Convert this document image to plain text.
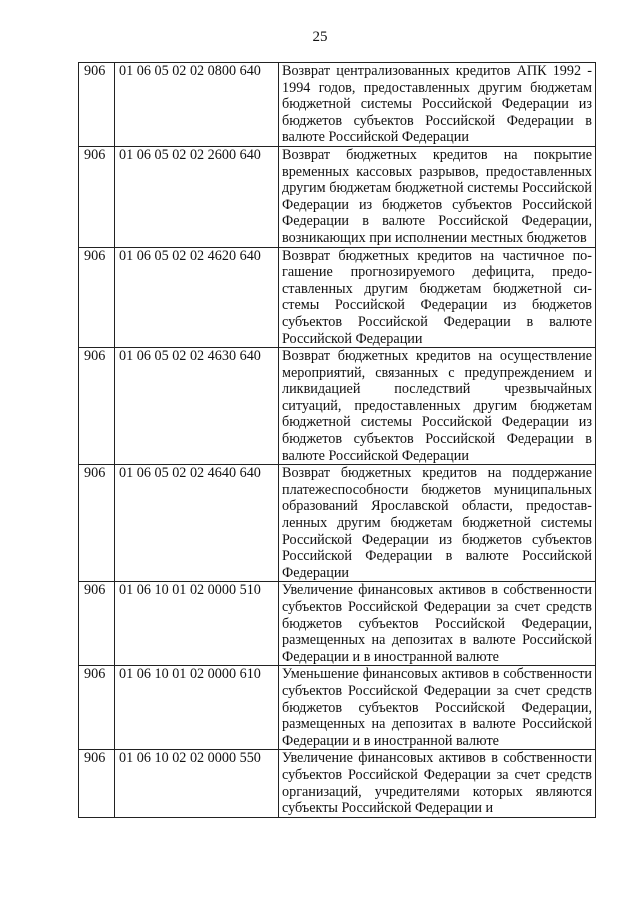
25
906	01 06 05 02 02 0800 640	Возврат централизованных кредитов АПК 1992 - 1994 годов, предоставленных другим бюджетам бюджетной системы Российской Федерации из бюджетов субъектов Российской Федерации в валюте Российской Федерации
906	01 06 05 02 02 2600 640	Возврат бюджетных кредитов на покрытие временных кассовых разрывов, предоставленных другим бюджетам бюджетной системы Российской Федерации из бюджетов субъектов Российской Федерации в валюте Российской Федерации, возникающих при исполнении местных бюджетов
906	01 06 05 02 02 4620 640	Возврат бюджетных кредитов на частичное погашение прогнозируемого дефицита, предоставленных другим бюджетам бюджетной системы Российской Федерации из бюджетов субъектов Российской Федерации в валюте Российской Федерации
906	01 06 05 02 02 4630 640	Возврат бюджетных кредитов на осуществление мероприятий, связанных с предупреждением и ликвидацией последствий чрезвычайных ситуаций, предоставленных другим бюджетам бюджетной системы Российской Федерации из бюджетов субъектов Российской Федерации в валюте Российской Федерации
906	01 06 05 02 02 4640 640	Возврат бюджетных кредитов на поддержание платежеспособности бюджетов муниципальных образований Ярославской области, предоставленных другим бюджетам бюджетной системы Российской Федерации из бюджетов субъектов Российской Федерации в валюте Российской Федерации
906	01 06 10 01 02 0000 510	Увеличение финансовых активов в собственности субъектов Российской Федерации за счет средств бюджетов субъектов Российской Федерации, размещенных на депозитах в валюте Российской Федерации и в иностранной валюте
906	01 06 10 01 02 0000 610	Уменьшение финансовых активов в собственности субъектов Российской Федерации за счет средств бюджетов субъектов Российской Федерации, размещенных на депозитах в валюте Российской Федерации и в иностранной валюте
906	01 06 10 02 02 0000 550	Увеличение финансовых активов в собственности субъектов Российской Федерации за счет средств организаций, учредителями которых являются субъекты Российской Федерации и
